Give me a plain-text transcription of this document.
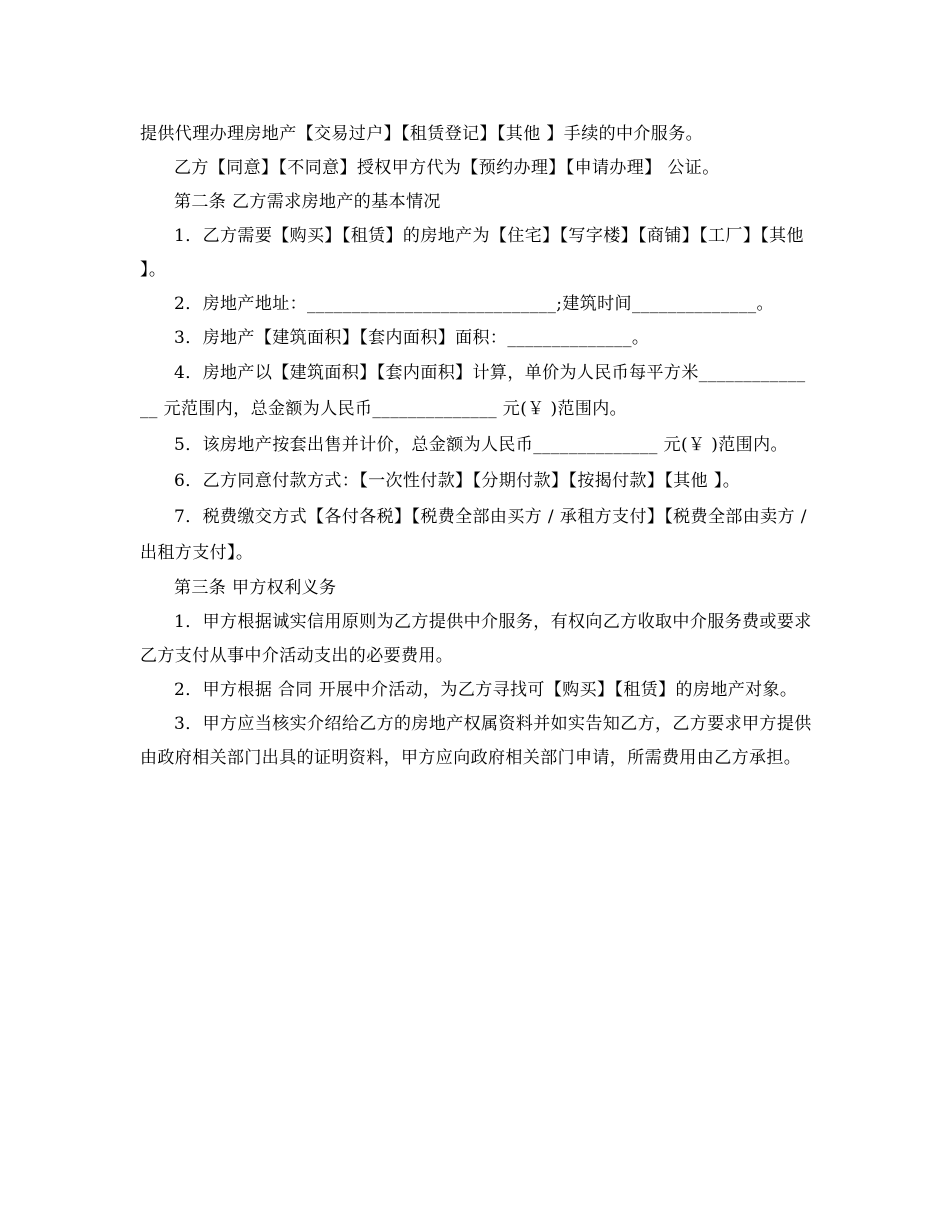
提供代理办理房地产【交易过户】【租赁登记】【其他 】手续的中介服务。

乙方【同意】【不同意】授权甲方代为【预约办理】【申请办理】 公证。

第二条 乙方需求房地产的基本情况

1．乙方需要【购买】【租赁】的房地产为【住宅】【写字楼】【商铺】【工厂】【其他 】。

2．房地产地址：____________________________;建筑时间______________。

3．房地产【建筑面积】【套内面积】面积：______________。

4．房地产以【建筑面积】【套内面积】计算，单价为人民币每平方米______________ 元范围内，总金额为人民币______________ 元(￥ )范围内。

5．该房地产按套出售并计价，总金额为人民币______________ 元(￥ )范围内。

6．乙方同意付款方式：【一次性付款】【分期付款】【按揭付款】【其他 】。

7．税费缴交方式【各付各税】【税费全部由买方 / 承租方支付】【税费全部由卖方 / 出租方支付】。

第三条 甲方权利义务

1．甲方根据诚实信用原则为乙方提供中介服务，有权向乙方收取中介服务费或要求乙方支付从事中介活动支出的必要费用。

2．甲方根据 合同 开展中介活动，为乙方寻找可【购买】【租赁】的房地产对象。

3．甲方应当核实介绍给乙方的房地产权属资料并如实告知乙方，乙方要求甲方提供由政府相关部门出具的证明资料，甲方应向政府相关部门申请，所需费用由乙方承担。
